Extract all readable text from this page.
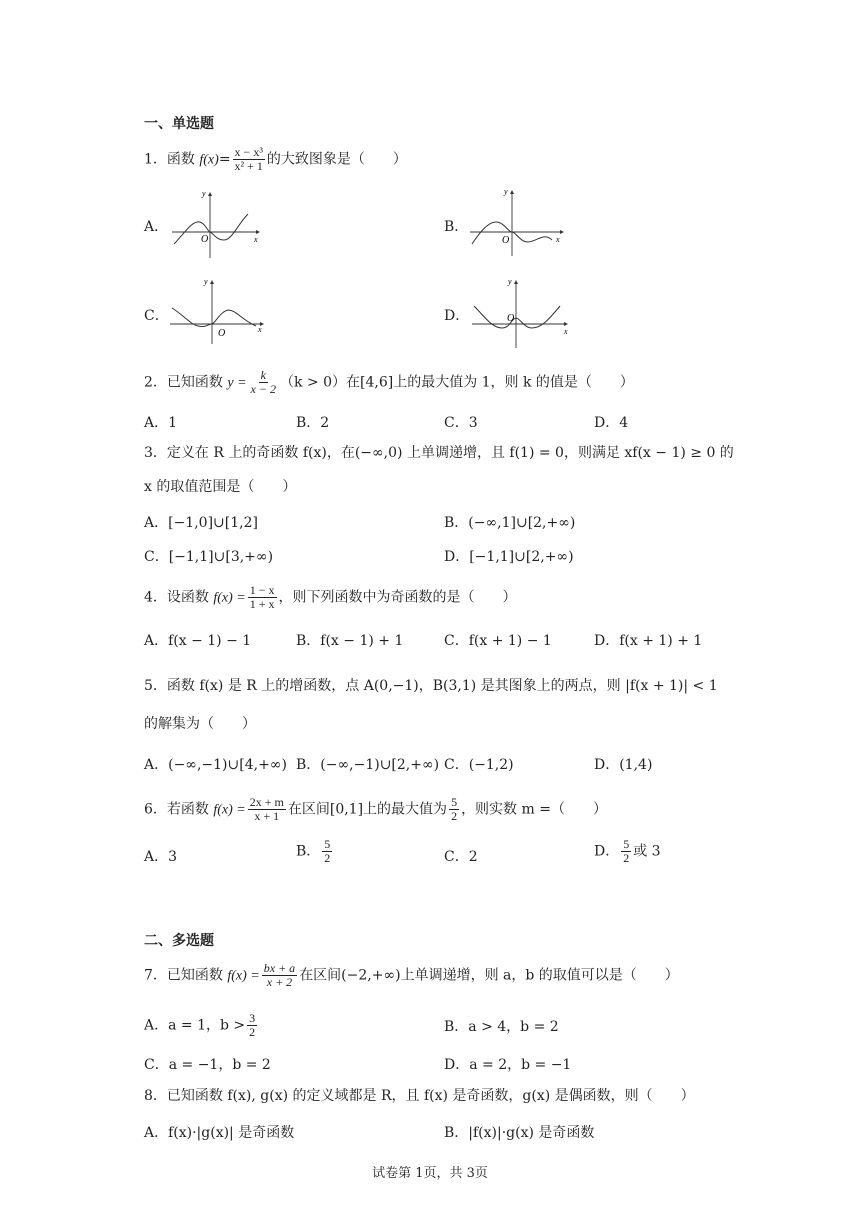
一、单选题
1．函数 $f(x)= \frac{\text{x − x³}}{\text{x² + 1}}$ 的大致图象是（　　）
A．	B．
C．	D．
y
x
O
y
x
O
y
x
O
y
x
O
2．已知函数 $y = \frac{k}{x - 2} (k > 0)$在[4,6]上的最大值为 1，则 k 的值是（　　）
A．1	B．2	C．3	D．4
3．定义在 R 上的奇函数 f(x)，在(−∞,0) 上单调递增，且 f(1) = 0，则满足 xf(x − 1) ≥ 0 的
x 的取值范围是（　　）
A．[−1,0]∪[1,2]	B．(−∞,1]∪[2,+∞)
C．[−1,1]∪[3,+∞)	D．[−1,1]∪[2,+∞)
4．设函数 $f(x) = \frac{1 - x}{1 + x}$ ，则下列函数中为奇函数的是（　　）
A．f(x − 1) − 1	B．f(x − 1) + 1	C．f(x + 1) − 1	D．f(x + 1) + 1
5．函数 f(x) 是 R 上的增函数，点 A(0,−1)，B(3,1) 是其图象上的两点，则 |f(x + 1)| < 1
的解集为（　　）
A．(−∞,−1)∪[4,+∞) B．(−∞,−1)∪[2,+∞) C．(−1,2)	D．(1,4)
6．若函数 $f(x) = \frac{2x + m}{x + 1}$ 在区间[0,1]上的最大值为 $\frac{5}{2}$ ，则实数 m =（　　）
A．3	B． $\frac{5}{2}$	C．2	D． $\frac{5}{2}$ 或 3
二、多选题
7．已知函数 $f(x) = \frac{bx + a}{x + 2}$ 在区间(−2,+∞)上单调递增，则 a，b 的取值可以是（　　）
A．a = 1，$b > \frac{3}{2}$	B．a > 4，b = 2
C．a = −1，b = 2	D．a = 2，b = −1
8．已知函数 f(x), g(x) 的定义域都是 R，且 f(x) 是奇函数，g(x) 是偶函数，则（　　）
A．f(x)·|g(x)| 是奇函数	B．|f(x)|·g(x) 是奇函数
试卷第 1页，共 3页
